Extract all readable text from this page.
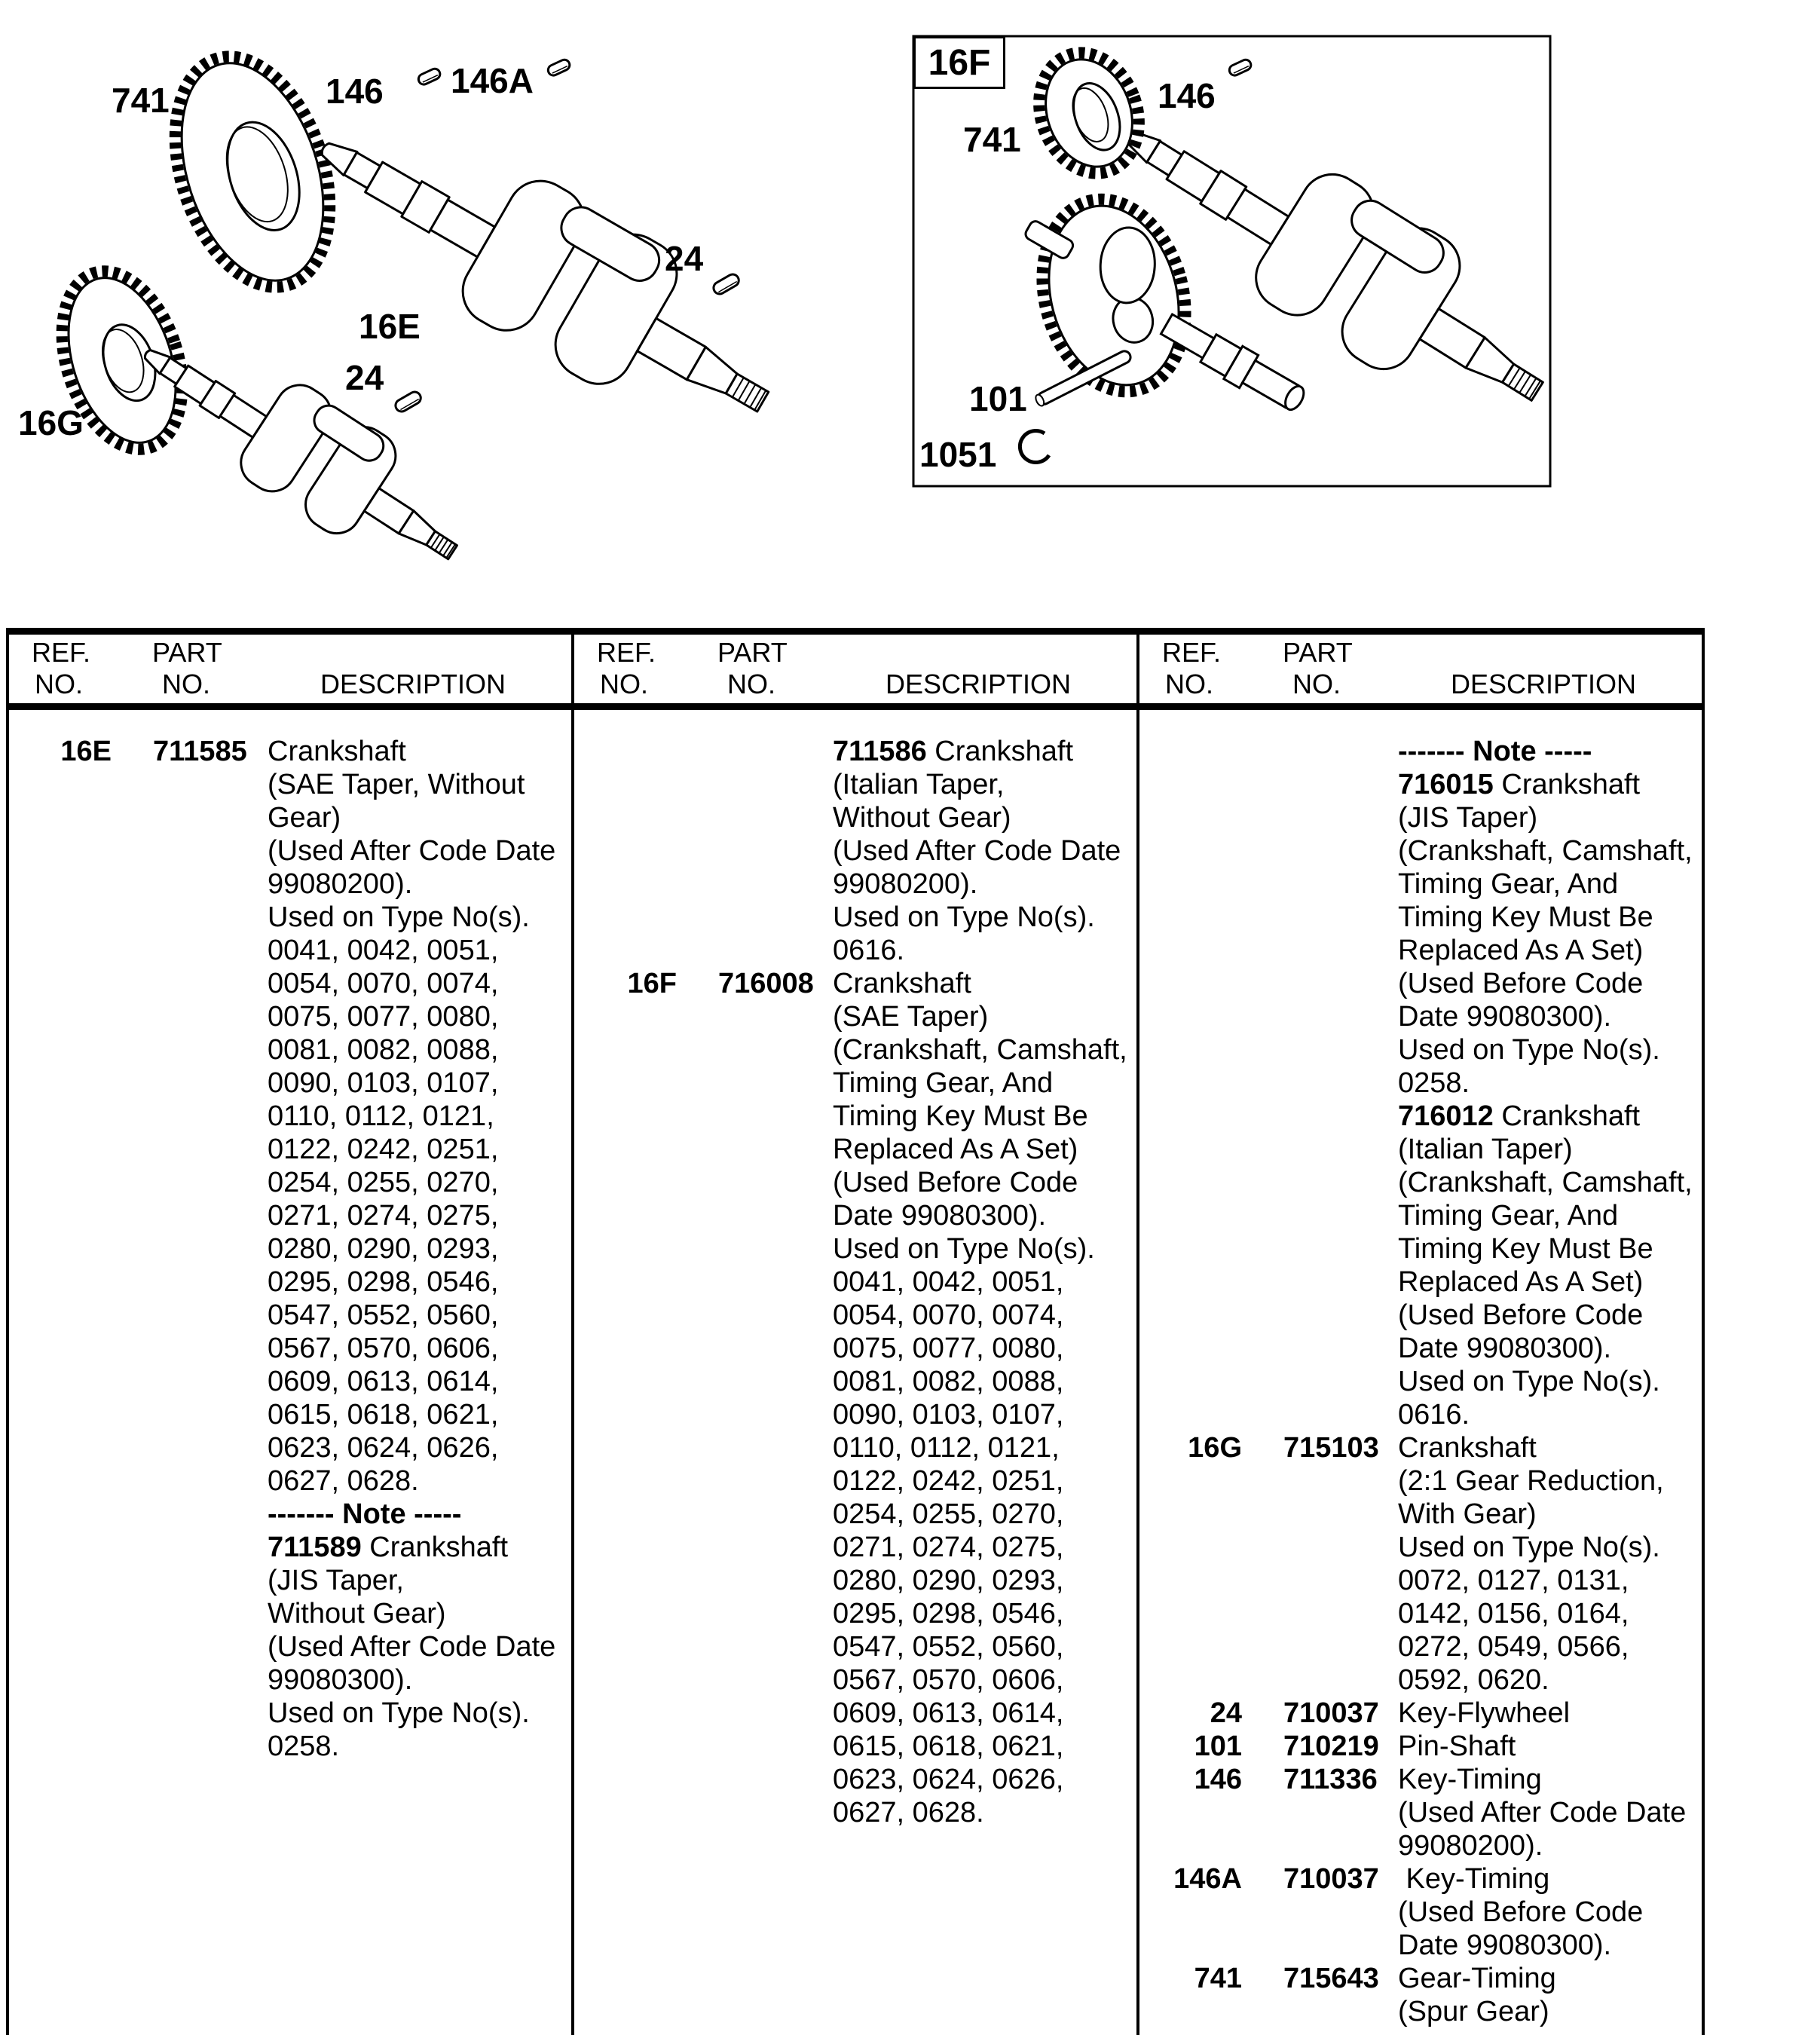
16F
741	146 146A
24
16E
24
16G
741
146
101
1051
REF.
NO.
PART
NO.	DESCRIPTION
REF.
NO.
PART
NO.	DESCRIPTION
REF.
NO.
PART
NO.	DESCRIPTION
16E 711585 Crankshaft
(SAE Taper, Without
Gear)
(Used After Code Date
99080200).
Used on Type No(s).
0041, 0042, 0051,
0054, 0070, 0074,
0075, 0077, 0080,
0081, 0082, 0088,
0090, 0103, 0107,
0110, 0112, 0121,
0122, 0242, 0251,
0254, 0255, 0270,
0271, 0274, 0275,
0280, 0290, 0293,
0295, 0298, 0546,
0547, 0552, 0560,
0567, 0570, 0606,
0609, 0613, 0614,
0615, 0618, 0621,
0623, 0624, 0626,
0627, 0628.
------- Note -----
711589 Crankshaft
(JIS Taper,
Without Gear)
(Used After Code Date
99080300).
Used on Type No(s).
0258.
711586 Crankshaft
(Italian Taper,
Without Gear)
(Used After Code Date
99080200).
Used on Type No(s).
0616.
16F 716008 Crankshaft
(SAE Taper)
(Crankshaft, Camshaft,
Timing Gear, And
Timing Key Must Be
Replaced As A Set)
(Used Before Code
Date 99080300).
Used on Type No(s).
0041, 0042, 0051,
0054, 0070, 0074,
0075, 0077, 0080,
0081, 0082, 0088,
0090, 0103, 0107,
0110, 0112, 0121,
0122, 0242, 0251,
0254, 0255, 0270,
0271, 0274, 0275,
0280, 0290, 0293,
0295, 0298, 0546,
0547, 0552, 0560,
0567, 0570, 0606,
0609, 0613, 0614,
0615, 0618, 0621,
0623, 0624, 0626,
0627, 0628.
------- Note -----
716015 Crankshaft
(JIS Taper)
(Crankshaft, Camshaft,
Timing Gear, And
Timing Key Must Be
Replaced As A Set)
(Used Before Code
Date 99080300).
Used on Type No(s).
0258.
716012 Crankshaft
(Italian Taper)
(Crankshaft, Camshaft,
Timing Gear, And
Timing Key Must Be
Replaced As A Set)
(Used Before Code
Date 99080300).
Used on Type No(s).
0616.
16G 715103 Crankshaft
(2:1 Gear Reduction,
With Gear)
Used on Type No(s).
0072, 0127, 0131,
0142, 0156, 0164,
0272, 0549, 0566,
0592, 0620.
24 710037 Key-Flywheel
101 710219 Pin-Shaft
146 711336 Key-Timing
(Used After Code Date
99080200).
146A 710037 Key-Timing
(Used Before Code
Date 99080300).
741 715643 Gear-Timing
(Spur Gear)
